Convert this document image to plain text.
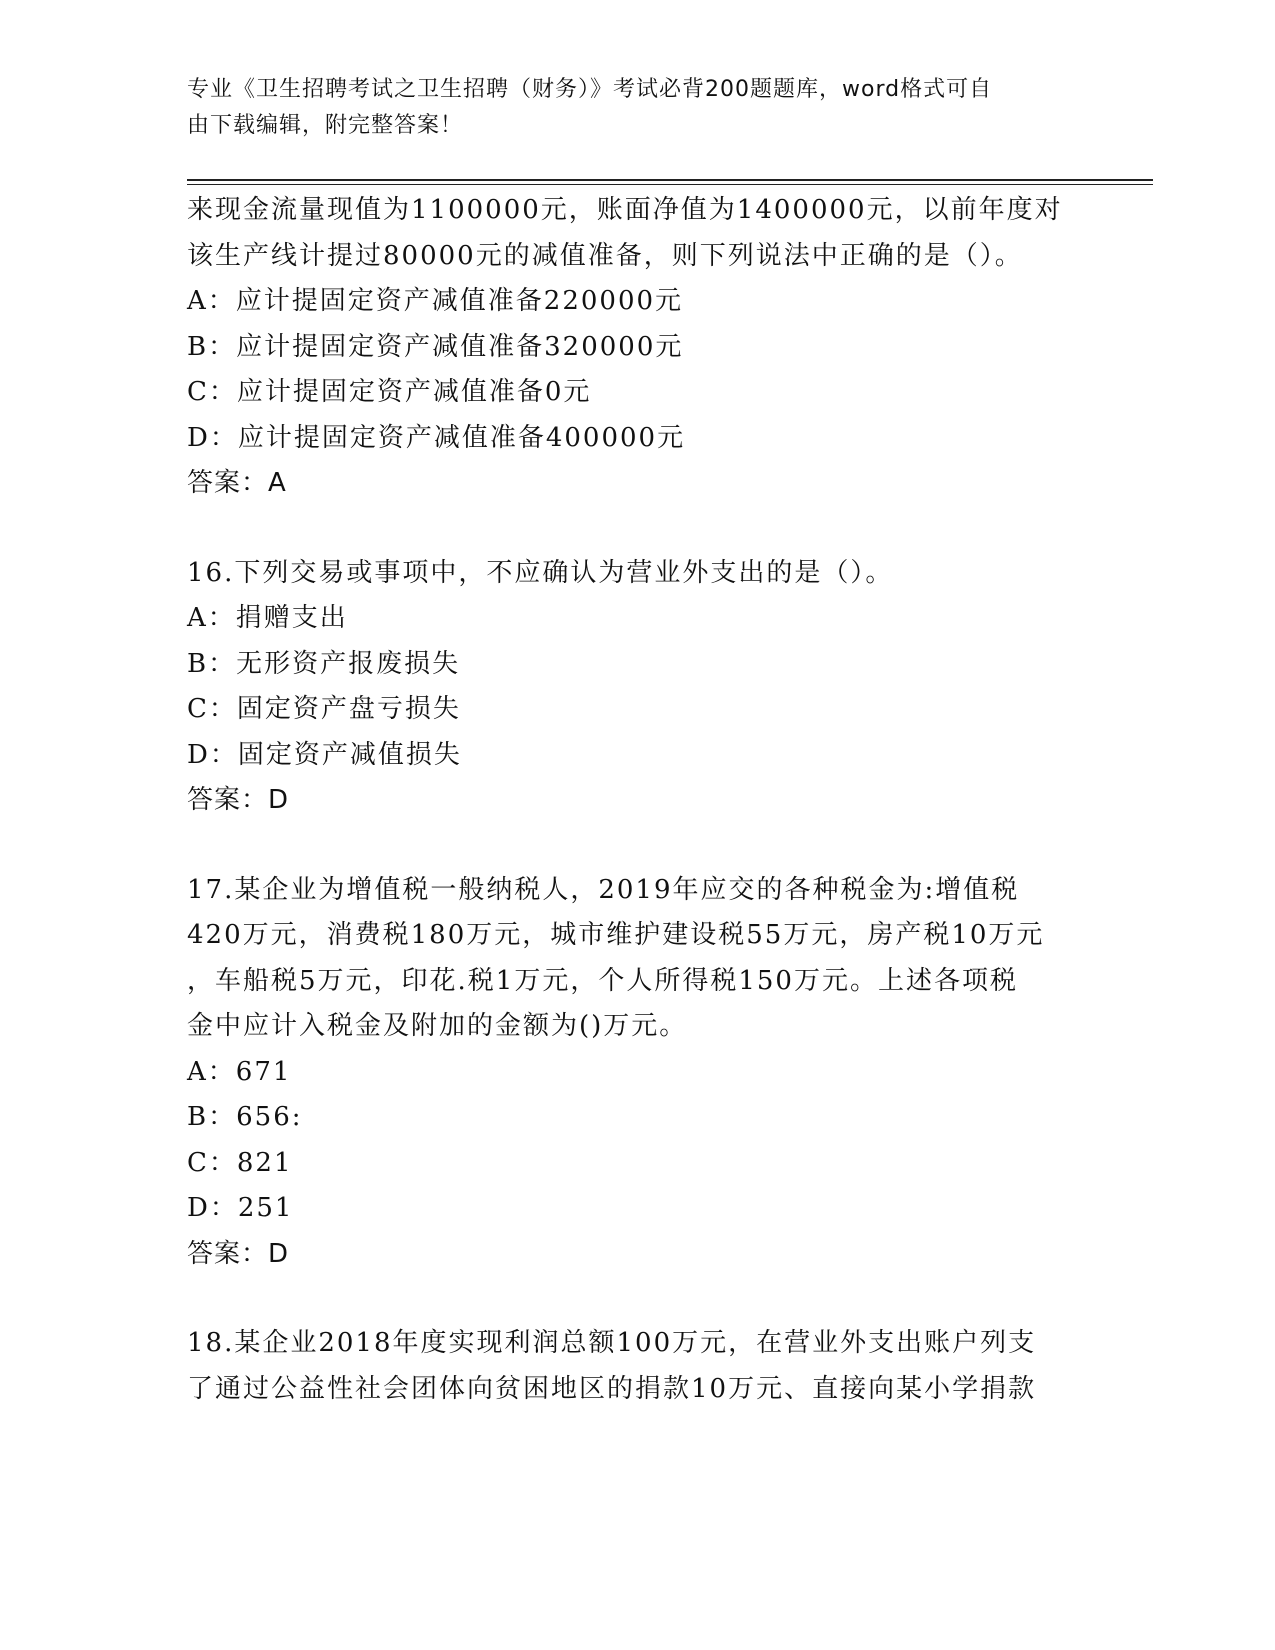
专业《卫生招聘考试之卫生招聘（财务）》考试必背200题题库，word格式可自
由下载编辑，附完整答案！
来现金流量现值为1100000元，账面净值为1400000元，以前年度对
该生产线计提过80000元的减值准备，则下列说法中正确的是（）。
A：应计提固定资产减值准备220000元
B：应计提固定资产减值准备320000元
C：应计提固定资产减值准备0元
D：应计提固定资产减值准备400000元
答案：A
16.下列交易或事项中，不应确认为营业外支出的是（）。
A：捐赠支出
B：无形资产报废损失
C：固定资产盘亏损失
D：固定资产减值损失
答案：D
17.某企业为增值税一般纳税人，2019年应交的各种税金为:增值税
420万元，消费税180万元，城市维护建设税55万元，房产税10万元
，车船税5万元，印花.税1万元，个人所得税150万元。上述各项税
金中应计入税金及附加的金额为()万元。
A：671
B：656:
C：821
D：251
答案：D
18.某企业2018年度实现利润总额100万元，在营业外支出账户列支
了通过公益性社会团体向贫困地区的捐款10万元、直接向某小学捐款
